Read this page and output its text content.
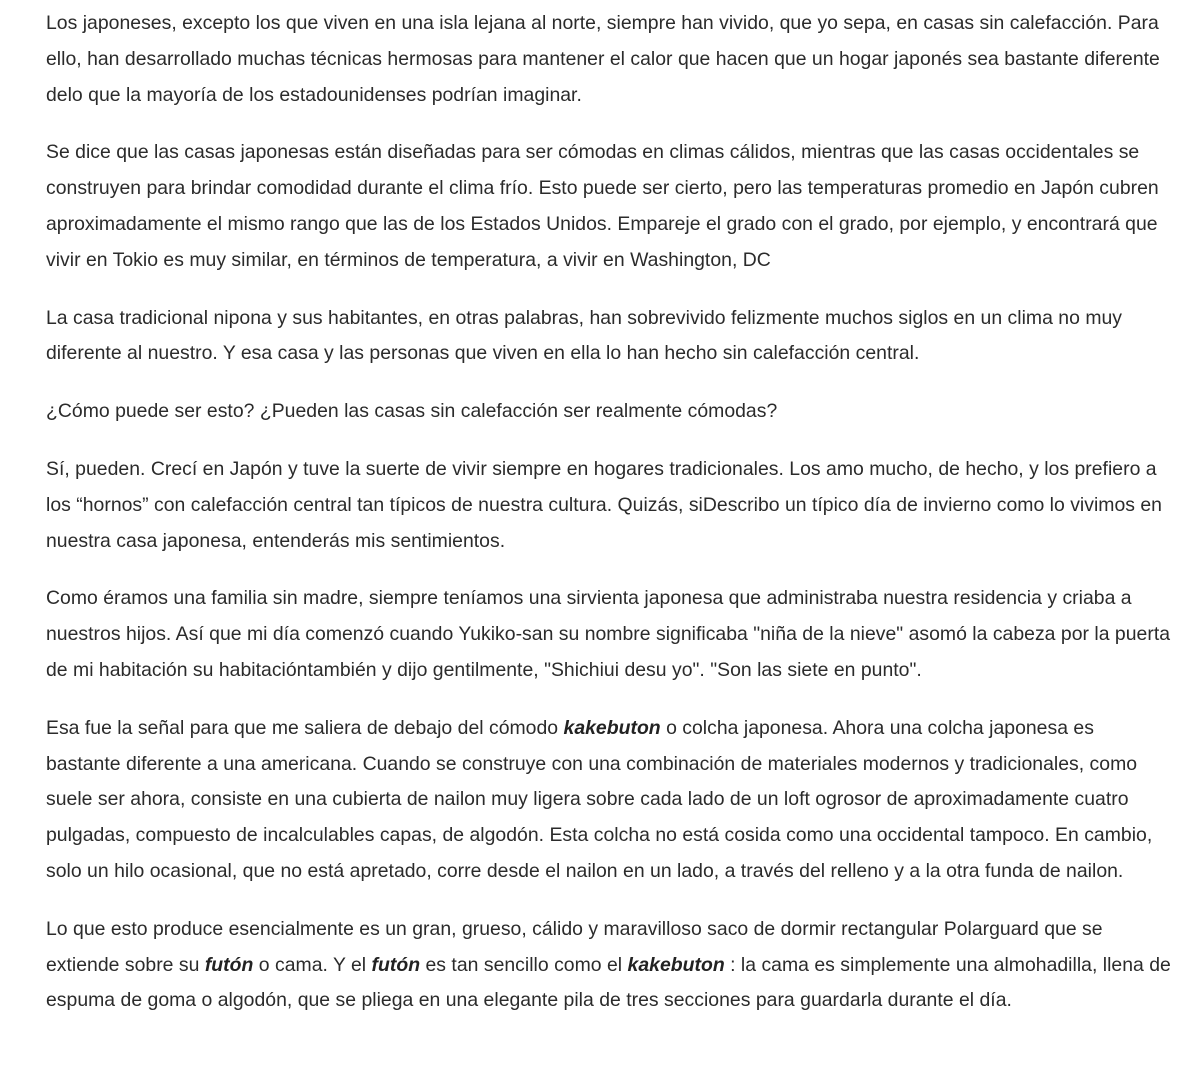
Los japoneses, excepto los que viven en una isla lejana al norte, siempre han vivido, que yo sepa, en casas sin calefacción. Para ello, han desarrollado muchas técnicas hermosas para mantener el calor que hacen que un hogar japonés sea bastante diferente delo que la mayoría de los estadounidenses podrían imaginar.

Se dice que las casas japonesas están diseñadas para ser cómodas en climas cálidos, mientras que las casas occidentales se construyen para brindar comodidad durante el clima frío. Esto puede ser cierto, pero las temperaturas promedio en Japón cubren aproximadamente el mismo rango que las de los Estados Unidos. Empareje el grado con el grado, por ejemplo, y encontrará que vivir en Tokio es muy similar, en términos de temperatura, a vivir en Washington, DC

La casa tradicional nipona y sus habitantes, en otras palabras, han sobrevivido felizmente muchos siglos en un clima no muy diferente al nuestro. Y esa casa y las personas que viven en ella lo han hecho sin calefacción central.

¿Cómo puede ser esto? ¿Pueden las casas sin calefacción ser realmente cómodas?

Sí, pueden. Crecí en Japón y tuve la suerte de vivir siempre en hogares tradicionales. Los amo mucho, de hecho, y los prefiero a los “hornos” con calefacción central tan típicos de nuestra cultura. Quizás, siDescribo un típico día de invierno como lo vivimos en nuestra casa japonesa, entenderás mis sentimientos.

Como éramos una familia sin madre, siempre teníamos una sirvienta japonesa que administraba nuestra residencia y criaba a nuestros hijos. Así que mi día comenzó cuando Yukiko-san su nombre significaba "niña de la nieve" asomó la cabeza por la puerta de mi habitación su habitacióntambién y dijo gentilmente, "Shichiui desu yo". "Son las siete en punto".

Esa fue la señal para que me saliera de debajo del cómodo kakebuton o colcha japonesa. Ahora una colcha japonesa es bastante diferente a una americana. Cuando se construye con una combinación de materiales modernos y tradicionales, como suele ser ahora, consiste en una cubierta de nailon muy ligera sobre cada lado de un loft ogrosor de aproximadamente cuatro pulgadas, compuesto de incalculables capas, de algodón. Esta colcha no está cosida como una occidental tampoco. En cambio, solo un hilo ocasional, que no está apretado, corre desde el nailon en un lado, a través del relleno y a la otra funda de nailon.

Lo que esto produce esencialmente es un gran, grueso, cálido y maravilloso saco de dormir rectangular Polarguard que se extiende sobre su futón o cama. Y el futón es tan sencillo como el kakebuton : la cama es simplemente una almohadilla, llena de espuma de goma o algodón, que se pliega en una elegante pila de tres secciones para guardarla durante el día.
